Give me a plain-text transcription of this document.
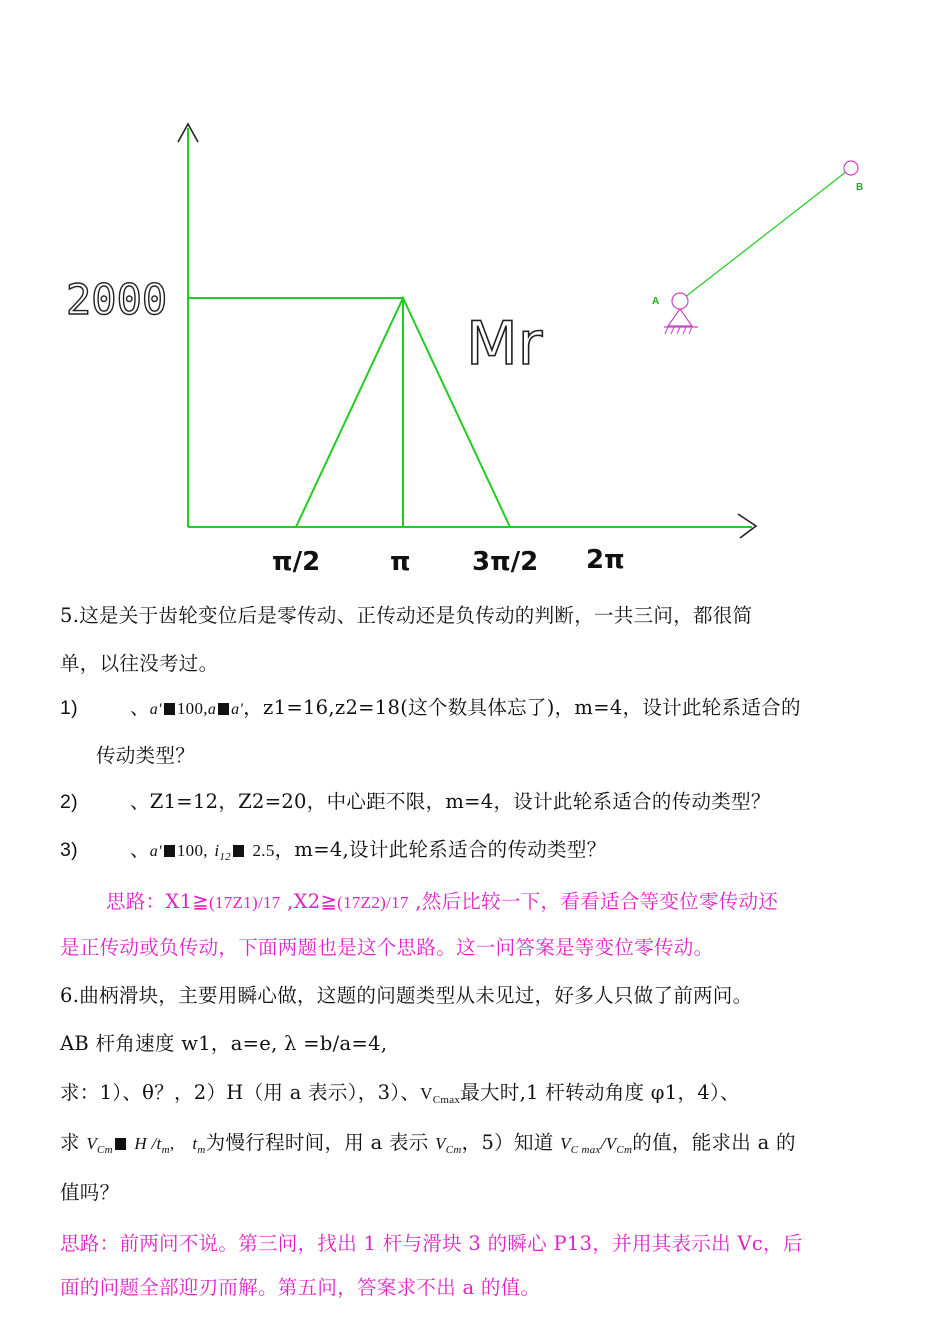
2000
Mr
π/2	π 3π/2 2π
A
B
5.这是关于齿轮变位后是零传动、正传动还是负传动的判断，一共三问，都很简
单，以往没考过。
1)	、a′ 100,a a′，z1=16,z2=18(这个数具体忘了)，m=4，设计此轮系适合的
传动类型？
2)	、Z1=12，Z2=20，中心距不限，m=4，设计此轮系适合的传动类型？
3)	、a′ 100, $i_{12}$ 2.5，m=4,设计此轮系适合的传动类型？
思路：X1≧(17Z1)/17 ,X2≧(17Z2)/17 ,然后比较一下，看看适合等变位零传动还
是正传动或负传动，下面两题也是这个思路。这一问答案是等变位零传动。
6.曲柄滑块，主要用瞬心做，这题的问题类型从未见过，好多人只做了前两问。
AB 杆角速度 w1，a=e, λ =b/a=4,
求：1）、θ？，2）H（用 a 表示），3）、$V_{Cmax}$最大时,1 杆转动角度 φ1，4）、
求 $V_{Cm}$ H $/t_m$, $t_m$为慢行程时间，用 a 表示 $V_{Cm}$，5）知道 $V_{C max}/V_{Cm}$的值，能求出 a 的
值吗？
思路：前两问不说。第三问，找出 1 杆与滑块 3 的瞬心 P13，并用其表示出 Vc，后
面的问题全部迎刃而解。第五问，答案求不出 a 的值。
